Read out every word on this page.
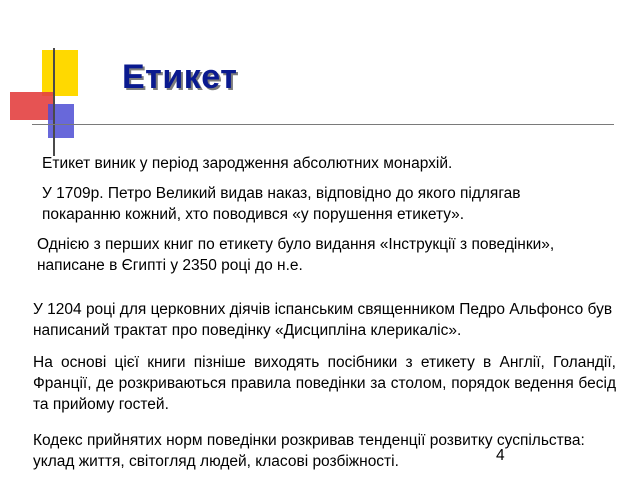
Етикет

Етикет виник у період зародження абсолютних монархій.

У 1709р. Петро Великий видав наказ, відповідно до якого підлягав покаранню кожний, хто поводився «у порушення етикету».

Однією з перших книг по етикету було видання «Інструкції з поведінки», написане в Єгипті у 2350 році до н.е.

У 1204 році для церковних діячів іспанським священником Педро Альфонсо був написаний трактат про поведінку «Дисципліна клерикаліс».

На основі цієї книги пізніше виходять посібники з етикету в Англії, Голандії, Франції, де розкриваються правила поведінки за столом, порядок ведення бесід та прийому гостей.

Кодекс прийнятих норм поведінки розкривав тенденції розвитку суспільства: уклад життя, світогляд людей, класові розбіжності.	4
